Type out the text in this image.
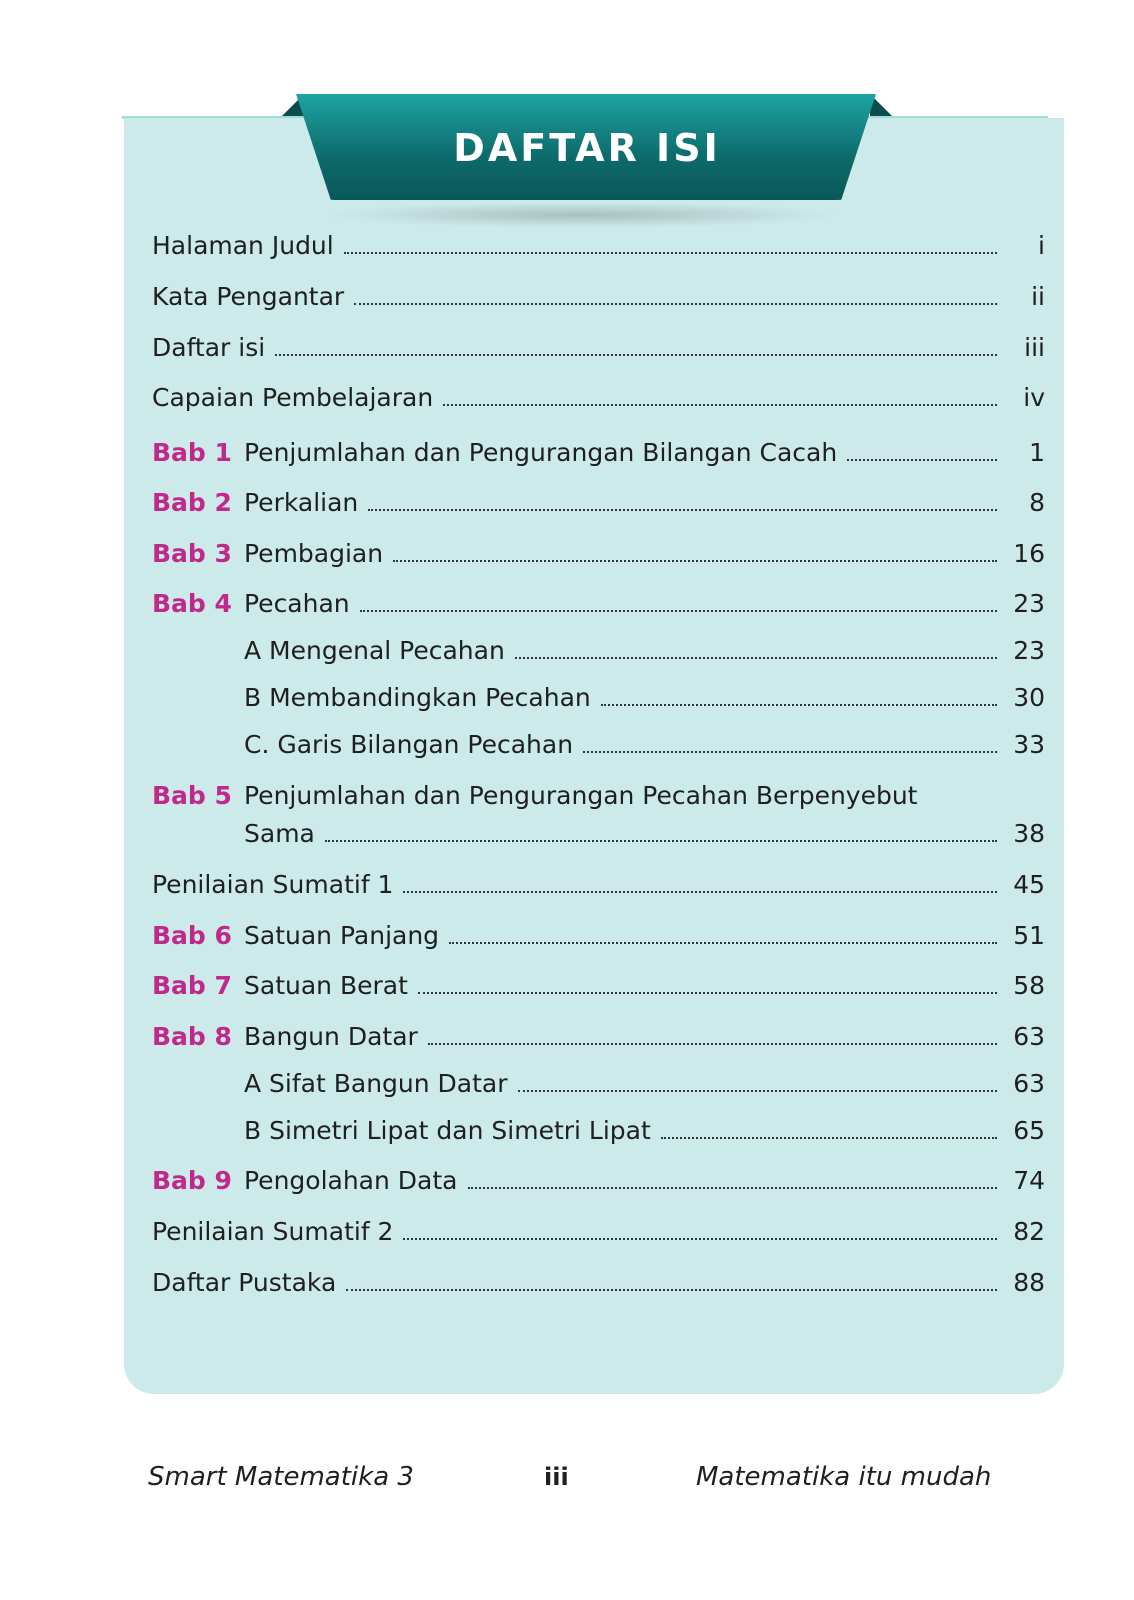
DAFTAR ISI
Halaman Judul	i
Kata Pengantar	ii
Daftar isi	iii
Capaian Pembelajaran	iv
Bab 1 Penjumlahan dan Pengurangan Bilangan Cacah	1
Bab 2 Perkalian	8
Bab 3 Pembagian	16
Bab 4 Pecahan	23
A Mengenal Pecahan	23
B Membandingkan Pecahan	30
C. Garis Bilangan Pecahan	33
Bab 5 Penjumlahan dan Pengurangan Pecahan Berpenyebut
Sama	38
Penilaian Sumatif 1	45
Bab 6 Satuan Panjang	51
Bab 7 Satuan Berat	58
Bab 8 Bangun Datar	63
A Sifat Bangun Datar	63
B Simetri Lipat dan Simetri Lipat	65
Bab 9 Pengolahan Data	74
Penilaian Sumatif 2	82
Daftar Pustaka	88
Smart Matematika 3	iii	Matematika itu mudah
